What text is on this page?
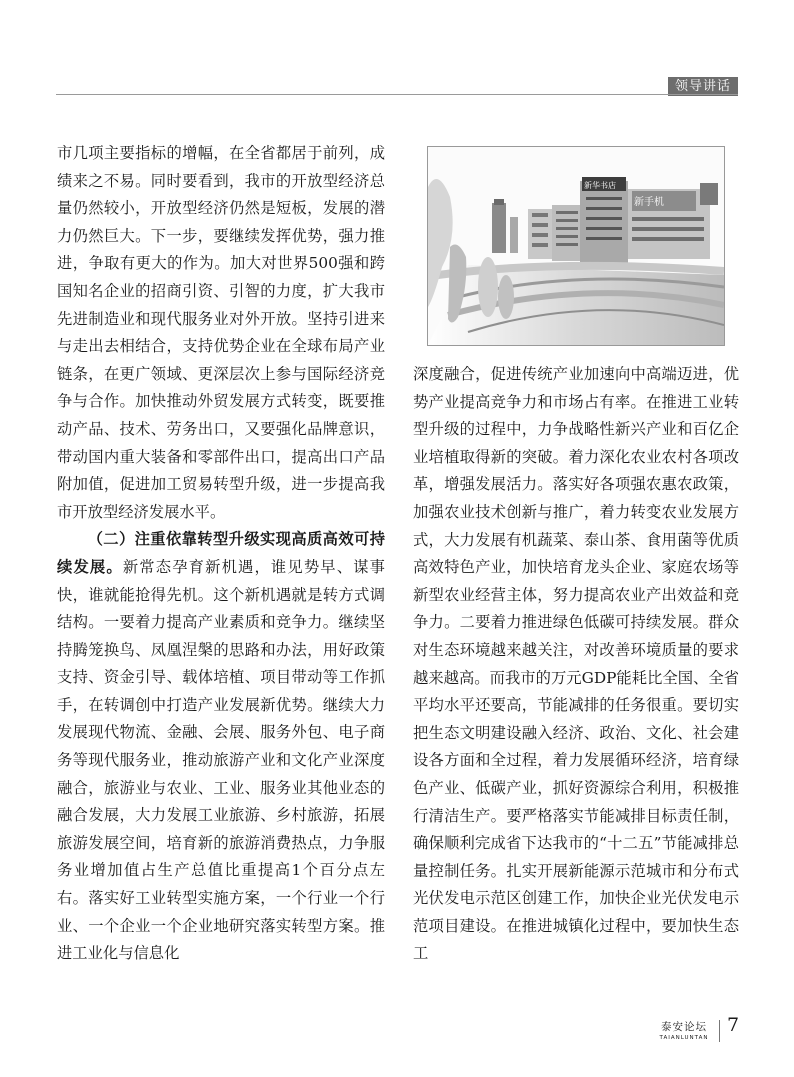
领导讲话

市几项主要指标的增幅，在全省都居于前列，成绩来之不易。同时要看到，我市的开放型经济总量仍然较小，开放型经济仍然是短板，发展的潜力仍然巨大。下一步，要继续发挥优势，强力推进，争取有更大的作为。加大对世界500强和跨国知名企业的招商引资、引智的力度，扩大我市先进制造业和现代服务业对外开放。坚持引进来与走出去相结合，支持优势企业在全球布局产业链条，在更广领域、更深层次上参与国际经济竞争与合作。加快推动外贸发展方式转变，既要推动产品、技术、劳务出口，又要强化品牌意识，带动国内重大装备和零部件出口，提高出口产品附加值，促进加工贸易转型升级，进一步提高我市开放型经济发展水平。

（二）注重依靠转型升级实现高质高效可持续发展。新常态孕育新机遇，谁见势早、谋事快，谁就能抢得先机。这个新机遇就是转方式调结构。一要着力提高产业素质和竞争力。继续坚持腾笼换鸟、凤凰涅槃的思路和办法，用好政策支持、资金引导、载体培植、项目带动等工作抓手，在转调创中打造产业发展新优势。继续大力发展现代物流、金融、会展、服务外包、电子商务等现代服务业，推动旅游产业和文化产业深度融合，旅游业与农业、工业、服务业其他业态的融合发展，大力发展工业旅游、乡村旅游，拓展旅游发展空间，培育新的旅游消费热点，力争服务业增加值占生产总值比重提高1个百分点左右。落实好工业转型实施方案，一个行业一个行业、一个企业一个企业地研究落实转型方案。推进工业化与信息化

新华书店
新手机

深度融合，促进传统产业加速向中高端迈进，优势产业提高竞争力和市场占有率。在推进工业转型升级的过程中，力争战略性新兴产业和百亿企业培植取得新的突破。着力深化农业农村各项改革，增强发展活力。落实好各项强农惠农政策，加强农业技术创新与推广，着力转变农业发展方式，大力发展有机蔬菜、泰山茶、食用菌等优质高效特色产业，加快培育龙头企业、家庭农场等新型农业经营主体，努力提高农业产出效益和竞争力。二要着力推进绿色低碳可持续发展。群众对生态环境越来越关注，对改善环境质量的要求越来越高。而我市的万元GDP能耗比全国、全省平均水平还要高，节能减排的任务很重。要切实把生态文明建设融入经济、政治、文化、社会建设各方面和全过程，着力发展循环经济，培育绿色产业、低碳产业，抓好资源综合利用，积极推行清洁生产。要严格落实节能减排目标责任制，确保顺利完成省下达我市的“十二五”节能减排总量控制任务。扎实开展新能源示范城市和分布式光伏发电示范区创建工作，加快企业光伏发电示范项目建设。在推进城镇化过程中，要加快生态工

泰安论坛
TAIANLUNTAN
7
